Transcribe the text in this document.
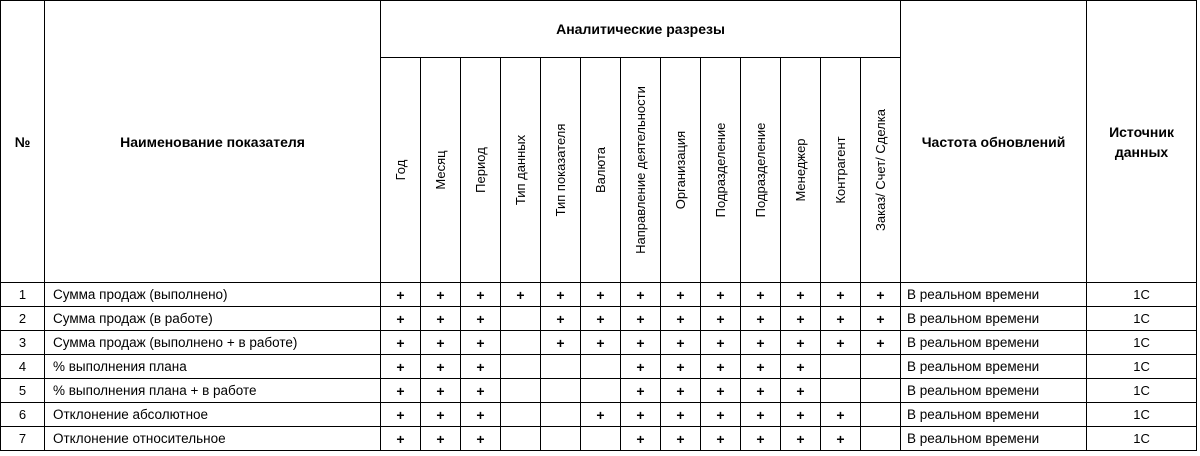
№	Наименование показателя	Аналитические разрезы													Частота обновлений	Источник данных

		Год	Месяц	Период	Тип данных	Тип показателя	Валюта	Направление деятельности	Организация	Подразделение	Подразделение	Менеджер	Контрагент	Заказ/ Счет/ Сделка		

1	Сумма продаж (выполнено)	+	+	+	+	+	+	+	+	+	+	+	+	+	В реальном времени	1С
2	Сумма продаж (в работе)	+	+	+		+	+	+	+	+	+	+	+	+	В реальном времени	1С
3	Сумма продаж (выполнено + в работе)	+	+	+		+	+	+	+	+	+	+	+	+	В реальном времени	1С
4	% выполнения плана	+	+	+				+	+	+	+	+			В реальном времени	1С
5	% выполнения плана + в работе	+	+	+				+	+	+	+	+			В реальном времени	1С
6	Отклонение абсолютное	+	+	+			+	+	+	+	+	+	+		В реальном времени	1С
7	Отклонение относительное	+	+	+				+	+	+	+	+	+		В реальном времени	1С
